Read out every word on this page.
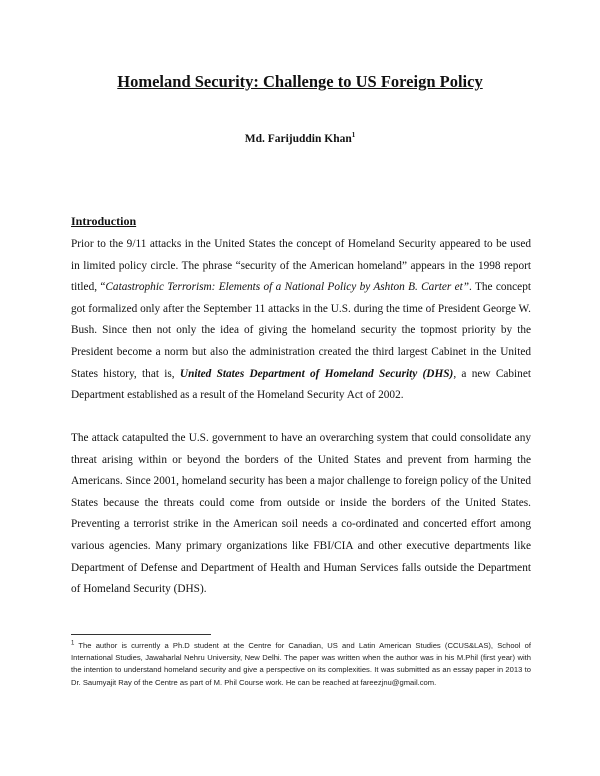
Homeland Security: Challenge to US Foreign Policy
Md. Farijuddin Khan$^1$
Introduction
Prior to the 9/11 attacks in the United States the concept of Homeland Security appeared to be used in limited policy circle. The phrase “security of the American homeland” appears in the 1998 report titled, “Catastrophic Terrorism: Elements of a National Policy by Ashton B. Carter et”. The concept got formalized only after the September 11 attacks in the U.S. during the time of President George W. Bush. Since then not only the idea of giving the homeland security the topmost priority by the President become a norm but also the administration created the third largest Cabinet in the United States history, that is, United States Department of Homeland Security (DHS), a new Cabinet Department established as a result of the Homeland Security Act of 2002.
The attack catapulted the U.S. government to have an overarching system that could consolidate any threat arising within or beyond the borders of the United States and prevent from harming the Americans. Since 2001, homeland security has been a major challenge to foreign policy of the United States because the threats could come from outside or inside the borders of the United States. Preventing a terrorist strike in the American soil needs a co-ordinated and concerted effort among various agencies. Many primary organizations like FBI/CIA and other executive departments like Department of Defense and Department of Health and Human Services falls outside the Department of Homeland Security (DHS).
$^1$ The author is currently a Ph.D student at the Centre for Canadian, US and Latin American Studies (CCUS&LAS), School of International Studies, Jawaharlal Nehru University, New Delhi. The paper was written when the author was in his M.Phil (first year) with the intention to understand homeland security and give a perspective on its complexities. It was submitted as an essay paper in 2013 to Dr. Saumyajit Ray of the Centre as part of M. Phil Course work. He can be reached at fareezjnu@gmail.com.
